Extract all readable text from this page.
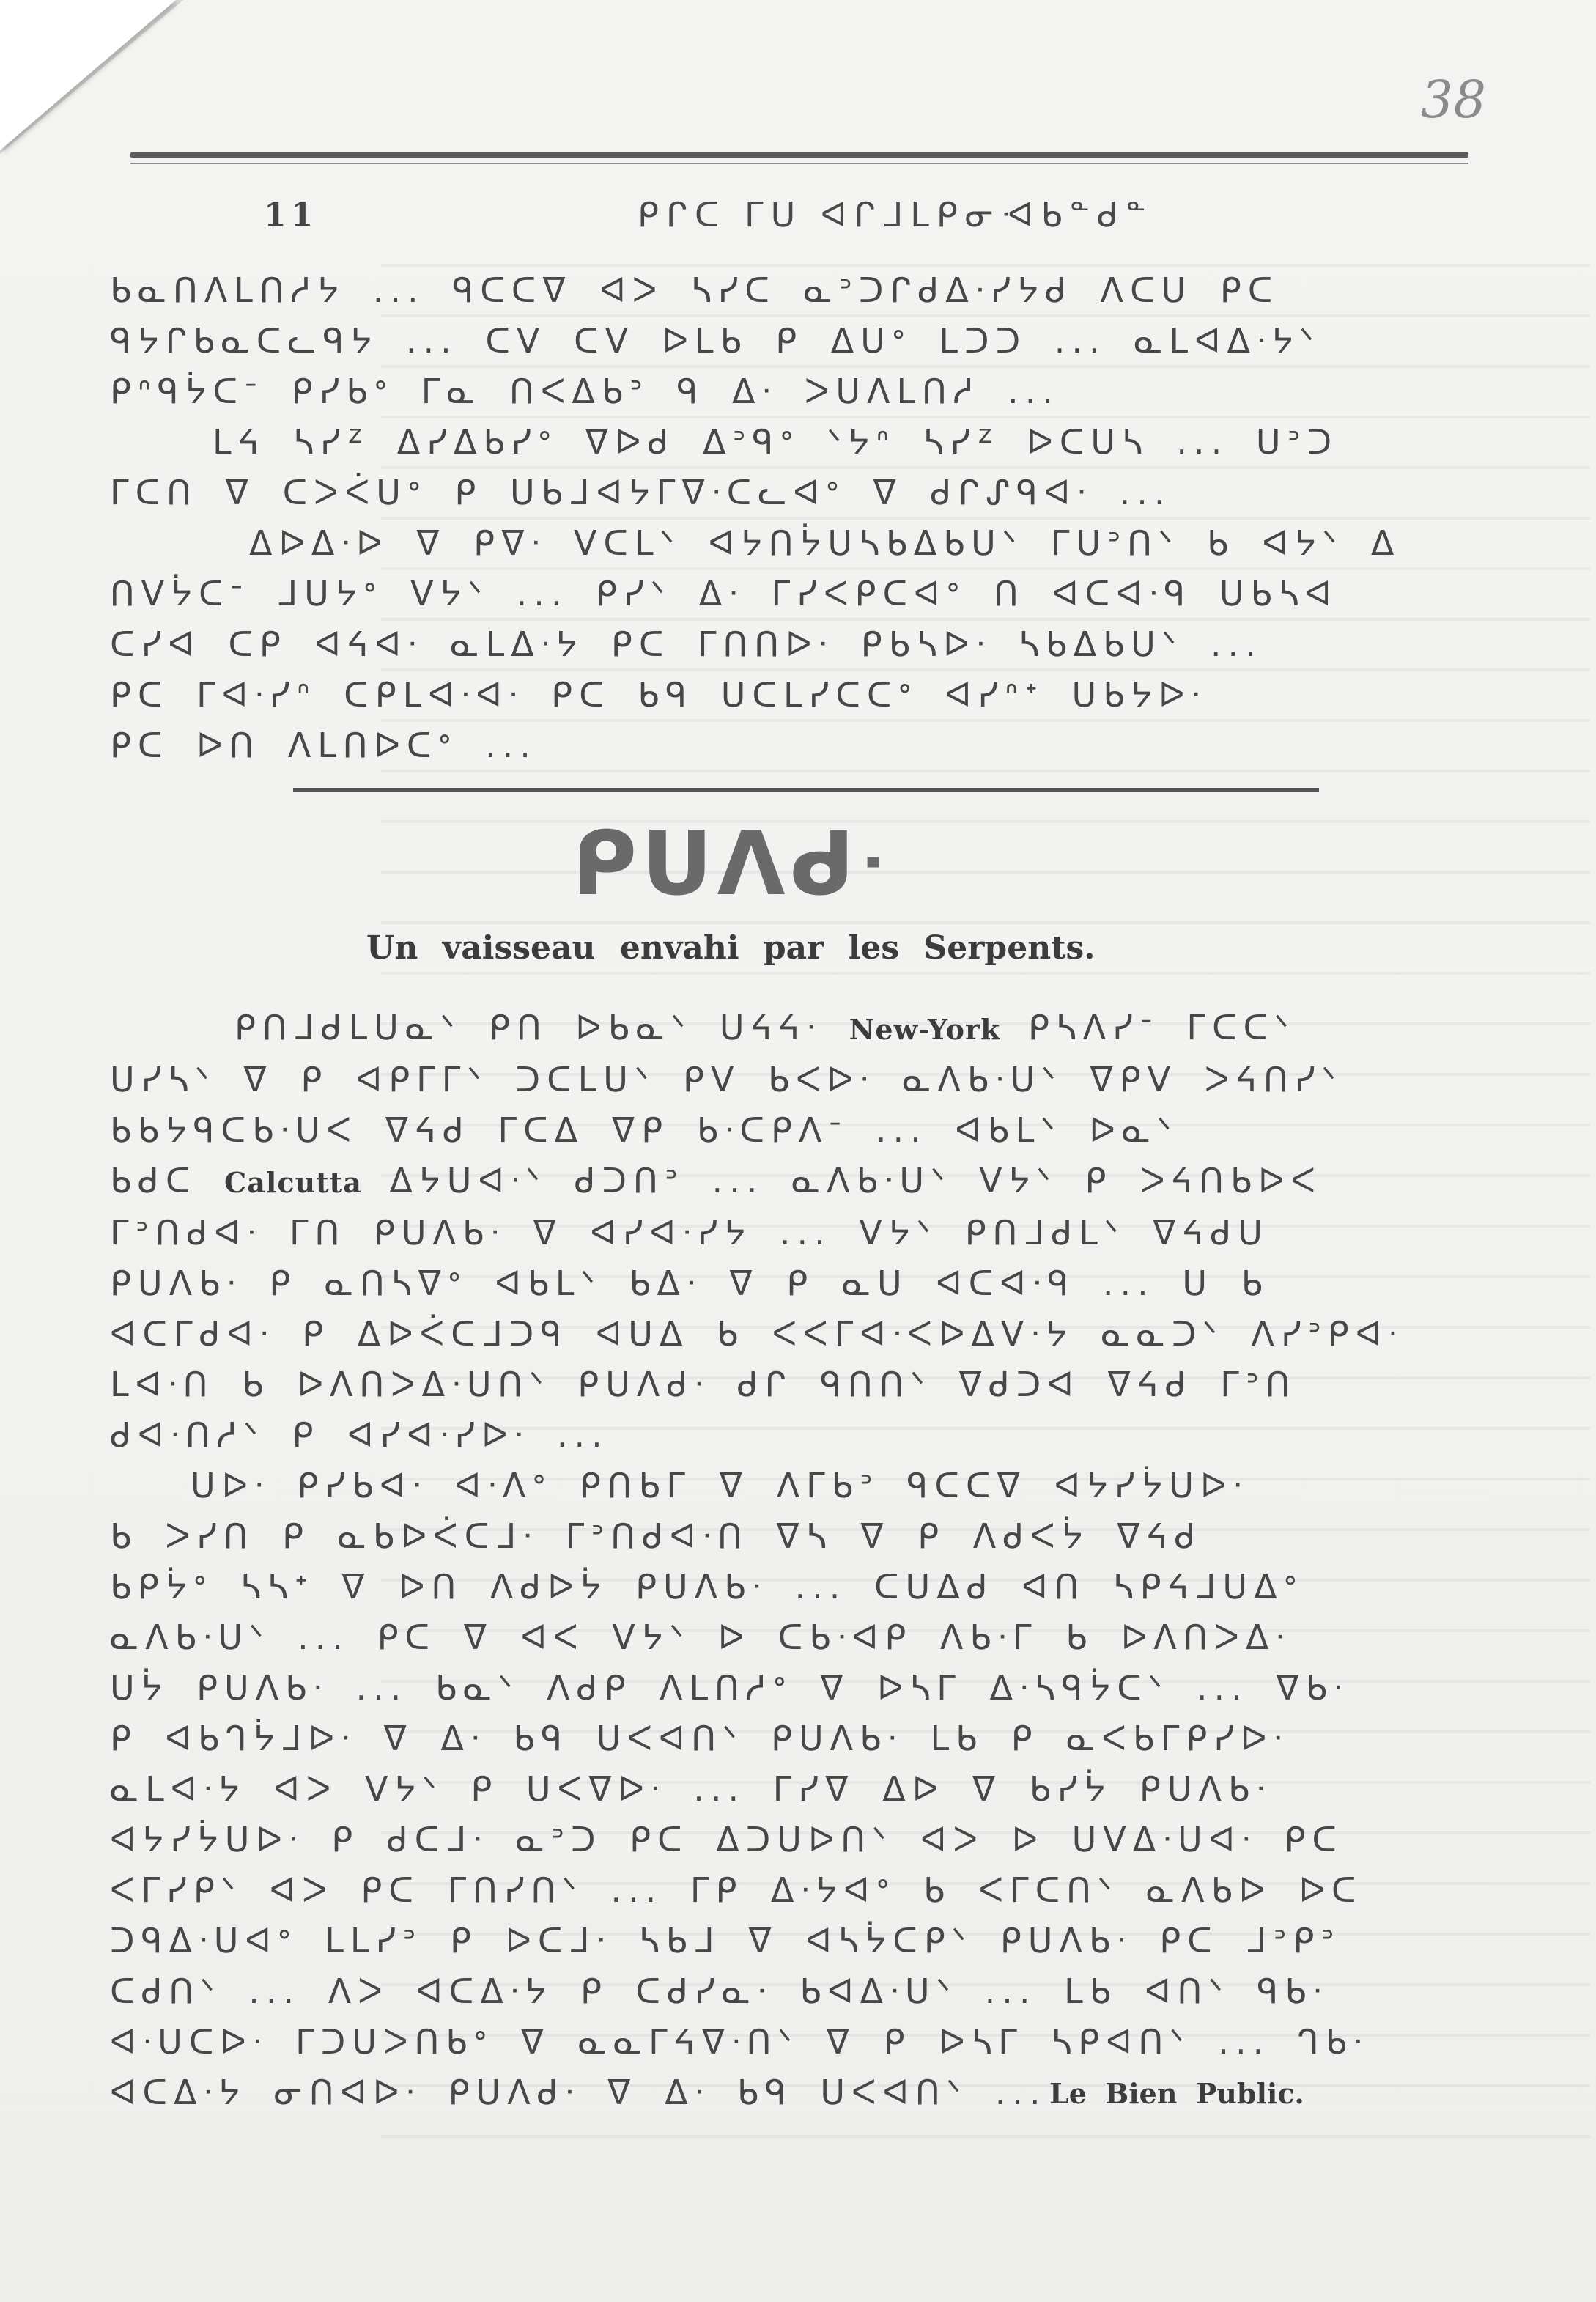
38
11	ᑭᒋᑕ ᒥᑌ ᐊᒋᒧᒪᑭᓂᐗᑲᓐᑯᓐ

ᑲᓇᑎᐱᒪᑎᓱᔭ ... ᑫᑕᑕᐁ ᐊᐳ ᓴᓯᑕ ᓇᐣᑐᒋᑯᐃᐧᓯᔭᑯ ᐱᑕᑌ ᑭᑕ

ᑫᔭᒋᑲᓇᑕᓚᑫᔭ ... ᑕᐯ ᑕᐯ ᐅᒪᑲ ᑭ ᐃᑌᐤ ᒪᑐᑐ ... ᓇᒪᐊᐃᐧᔭᐠ

ᑭᐢᑫᔮᑕᐨ ᑭᓯᑲᐤ ᒥᓇ ᑎᐸᐃᑲᐣ ᑫ ᐃᐧ ᐳᑌᐱᒪᑎᓱ ...

ᒪᔦ ᓴᓯᙆ ᐃᓯᐃᑲᓯᐤ ᐁᐅᑯ ᐃᐣᑫᐤ ᐠᔭᐢ ᓴᓯᙆ ᐅᑕᑌᓴ ... ᑌᐣᑐ

ᒥᑕᑎ ᐁ ᑕᐳᐹᑌᐤ ᑭ ᑌᑲᒧᐊᔭᒥᐁᐧᑕᓚᐊᐤ ᐁ ᑯᒋᔑᑫᐊᐧ ...

ᐃᐅᐃᐧᐅ ᐁ ᑭᐁᐧ ᐯᑕᒪᐠ ᐊᔭᑎᔮᑌᓴᑲᐃᑲᑌᐠ ᒥᑌᐣᑎᐠ ᑲ ᐊᔭᐠ ᐃ

ᑎᐯᔮᑕᐨ ᒧᑌᔭᐤ ᐯᔭᐠ ... ᑭᓯᐠ ᐃᐧ ᒥᓯᐸᑭᑕᐊᐤ ᑎ ᐊᑕᐊᐧᑫ ᑌᑲᓴᐊ

ᑕᓯᐊ ᑕᑭ ᐊᔦᐊᐧ ᓇᒪᐃᐧᔭ ᑭᑕ ᒥᑎᑎᐅᐧ ᑭᑲᓴᐅᐧ ᓴᑲᐃᑲᑌᐠ ...

ᑭᑕ ᒥᐊᐧᓯᐢ ᑕᑭᒪᐊᐧᐊᐧ ᑭᑕ ᑲᑫ ᑌᑕᒪᓯᑕᑕᐤ ᐊᓯᐢᐩ ᑌᑲᔭᐅᐧ

ᑭᑕ ᐅᑎ ᐱᒪᑎᐅᑕᐤ ...

ᑭᑌᐱᑯᐧ
Un vaisseau envahi par les Serpents.

ᑭᑎᒧᑯᒪᑌᓇᐠ ᑭᑎ ᐅᑲᓇᐠ ᑌᔦᔦᐧ New-York ᑭᓴᐱᓯᐨ ᒥᑕᑕᐠ

ᑌᓯᓴᐠ ᐁ ᑭ ᐊᑭᒥᒥᐠ ᑐᑕᒪᑌᐠ ᑭᐯ ᑲᐸᐅᐧ ᓇᐱᑲᐧᑌᐠ ᐁᑭᐯ ᐳᔦᑎᓯᐠ

ᑲᑲᔭᑫᑕᑲᐧᑌᐸ ᐁᔦᑯ ᒥᑕᐃ ᐁᑭ ᑲᐧᑕᑭᐱᐨ ... ᐊᑲᒪᐠ ᐅᓇᐠ

ᑲᑯᑕ Calcutta ᐃᔭᑌᐊᐧᐠ ᑯᑐᑎᐣ ... ᓇᐱᑲᐧᑌᐠ ᐯᔭᐠ ᑭ ᐳᔦᑎᑲᐅᐸ

ᒥᐣᑎᑯᐊᐧ ᒥᑎ ᑭᑌᐱᑲᐧ ᐁ ᐊᓯᐊᐧᓯᔭ ... ᐯᔭᐠ ᑭᑎᒧᑯᒪᐠ ᐁᔦᑯᑌ

ᑭᑌᐱᑲᐧ ᑭ ᓇᑎᓴᐁᐤ ᐊᑲᒪᐠ ᑲᐃᐧ ᐁ ᑭ ᓇᑌ ᐊᑕᐊᐧᑫ ... ᑌ ᑲ

ᐊᑕᒥᑯᐊᐧ ᑭ ᐃᐅᐹᑕᒧᑐᑫ ᐊᑌᐃ ᑲ ᐸᐸᒥᐊᐧᐸᐅᐃᐯᐧᔭ ᓇᓇᑐᐠ ᐱᓯᐣᑭᐊᐧ

ᒪᐊᐧᑎ ᑲ ᐅᐱᑎᐳᐃᐧᑌᑎᐠ ᑭᑌᐱᑯᐧ ᑯᒋ ᑫᑎᑎᐠ ᐁᑯᑐᐊ ᐁᔦᑯ ᒥᐣᑎ

ᑯᐊᐧᑎᓱᐠ ᑭ ᐊᓯᐊᐧᓯᐅᐧ ...

ᑌᐅᐧ ᑭᓯᑲᐊᐧ ᐊᐧᐱᐤ ᑭᑎᑲᒥ ᐁ ᐱᒥᑲᐣ ᑫᑕᑕᐁ ᐊᔭᓯᔮᑌᐅᐧ

ᑲ ᐳᓯᑎ ᑭ ᓇᑲᐅᐹᑕᒧᐧ ᒥᐣᑎᑯᐊᐧᑎ ᐁᓴ ᐁ ᑭ ᐱᑯᐸᔮ ᐁᔦᑯ

ᑲᑭᔮᐤ ᓴᓴᐩ ᐁ ᐅᑎ ᐱᑯᐅᔮ ᑭᑌᐱᑲᐧ ... ᑕᑌᐃᑯ ᐊᑎ ᓴᑭᔦᒧᑌᐃᐤ

ᓇᐱᑲᐧᑌᐠ ... ᑭᑕ ᐁ ᐊᐸ ᐯᔭᐠ ᐅ ᑕᑲᐧᐊᑭ ᐱᑲᐧᒥ ᑲ ᐅᐱᑎᐳᐃᐧ

ᑌᔮ ᑭᑌᐱᑲᐧ ... ᑲᓇᐠ ᐱᑯᑭ ᐱᒪᑎᓱᐤ ᐁ ᐅᓴᒥ ᐃᐧᓴᑫᔮᑕᐠ ... ᐁᑲᐧ

ᑭ ᐊᑲᒉᔮᒧᐅᐧ ᐁ ᐃᐧ ᑲᑫ ᑌᐸᐊᑎᐠ ᑭᑌᐱᑲᐧ ᒪᑲ ᑭ ᓇᐸᑲᒥᑭᓯᐅᐧ

ᓇᒪᐊᐧᔭ ᐊᐳ ᐯᔭᐠ ᑭ ᑌᐸᐁᐅᐧ ... ᒥᓯᐁ ᐃᐅ ᐁ ᑲᓯᔮ ᑭᑌᐱᑲᐧ

ᐊᔭᓯᔮᑌᐅᐧ ᑭ ᑯᑕᒧᐧ ᓇᐣᑐ ᑭᑕ ᐃᑐᑌᐅᑎᐠ ᐊᐳ ᐅ ᑌᐯᐃᐧᑌᐊᐧ ᑭᑕ

ᐸᒥᓯᑭᐠ ᐊᐳ ᑭᑕ ᒥᑎᓯᑎᐠ ... ᒥᑭ ᐃᐧᔭᐊᐤ ᑲ ᐸᒥᑕᑎᐠ ᓇᐱᑲᐅ ᐅᑕ

ᑐᑫᐃᐧᑌᐊᐤ ᒪᒪᓯᐣ ᑭ ᐅᑕᒧᐧ ᓴᑲᒧ ᐁ ᐊᓴᔮᑕᑭᐠ ᑭᑌᐱᑲᐧ ᑭᑕ ᒧᐣᑭᐣ

ᑕᑯᑎᐠ ... ᐱᐳ ᐊᑕᐃᐧᔭ ᑭ ᑕᑯᓯᓇᐧ ᑲᐊᐃᐧᑌᐠ ... ᒪᑲ ᐊᑎᐠ ᑫᑲᐧ

ᐊᐧᑌᑕᐅᐧ ᒥᑐᑌᐳᑎᑲᐤ ᐁ ᓇᓇᒥᔦᐁᐧᑎᐠ ᐁ ᑭ ᐅᓴᒥ ᓴᑭᐊᑎᐠ ... ᒉᑲᐧ

ᐊᑕᐃᐧᔭ ᓂᑎᐊᐅᐧ ᑭᑌᐱᑯᐧ ᐁ ᐃᐧ ᑲᑫ ᑌᐸᐊᑎᐠ ... Le Bien Public.
